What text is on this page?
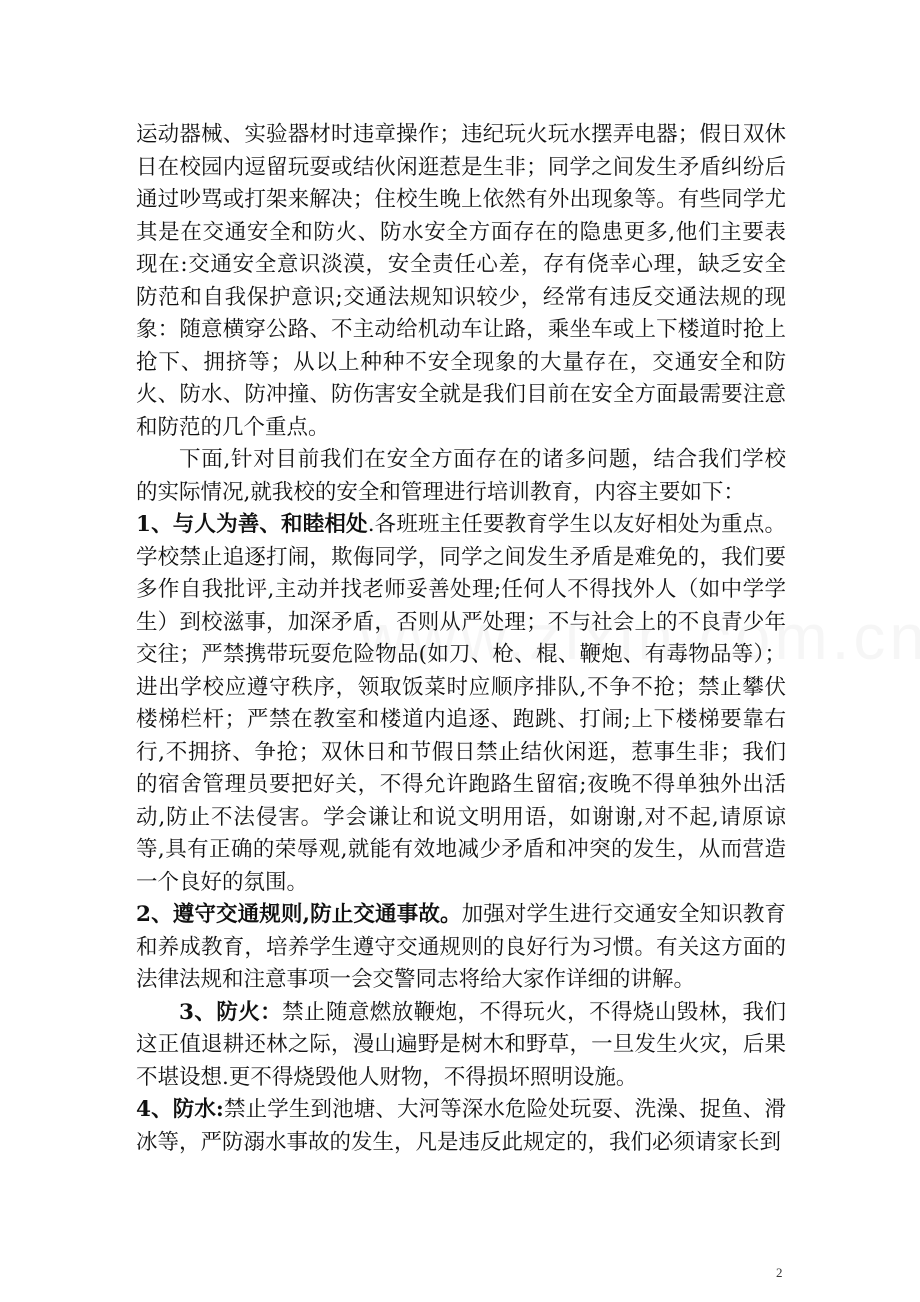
运动器械、实验器材时违章操作；违纪玩火玩水摆弄电器；假日双休日在校园内逗留玩耍或结伙闲逛惹是生非；同学之间发生矛盾纠纷后通过吵骂或打架来解决；住校生晚上依然有外出现象等。有些同学尤其是在交通安全和防火、防水安全方面存在的隐患更多,他们主要表现在:交通安全意识淡漠，安全责任心差，存有侥幸心理，缺乏安全防范和自我保护意识;交通法规知识较少，经常有违反交通法规的现象：随意横穿公路、不主动给机动车让路，乘坐车或上下楼道时抢上抢下、拥挤等；从以上种种不安全现象的大量存在，交通安全和防火、防水、防冲撞、防伤害安全就是我们目前在安全方面最需要注意和防范的几个重点。

下面,针对目前我们在安全方面存在的诸多问题，结合我们学校的实际情况,就我校的安全和管理进行培训教育，内容主要如下：

1、与人为善、和睦相处.各班班主任要教育学生以友好相处为重点。学校禁止追逐打闹，欺侮同学，同学之间发生矛盾是难免的，我们要多作自我批评,主动并找老师妥善处理;任何人不得找外人（如中学学生）到校滋事，加深矛盾，否则从严处理；不与社会上的不良青少年交往；严禁携带玩耍危险物品(如刀、枪、棍、鞭炮、有毒物品等）；进出学校应遵守秩序，领取饭菜时应顺序排队,不争不抢；禁止攀伏楼梯栏杆；严禁在教室和楼道内追逐、跑跳、打闹;上下楼梯要靠右行,不拥挤、争抢；双休日和节假日禁止结伙闲逛，惹事生非；我们的宿舍管理员要把好关，不得允许跑路生留宿;夜晚不得单独外出活动,防止不法侵害。学会谦让和说文明用语，如谢谢,对不起,请原谅等,具有正确的荣辱观,就能有效地减少矛盾和冲突的发生，从而营造一个良好的氛围。

2、遵守交通规则,防止交通事故。加强对学生进行交通安全知识教育和养成教育，培养学生遵守交通规则的良好行为习惯。有关这方面的法律法规和注意事项一会交警同志将给大家作详细的讲解。

3、防火：禁止随意燃放鞭炮，不得玩火，不得烧山毁林，我们这正值退耕还林之际，漫山遍野是树木和野草，一旦发生火灾，后果不堪设想.更不得烧毁他人财物，不得损坏照明设施。

4、防水:禁止学生到池塘、大河等深水危险处玩耍、洗澡、捉鱼、滑冰等，严防溺水事故的发生，凡是违反此规定的，我们必须请家长到

2
